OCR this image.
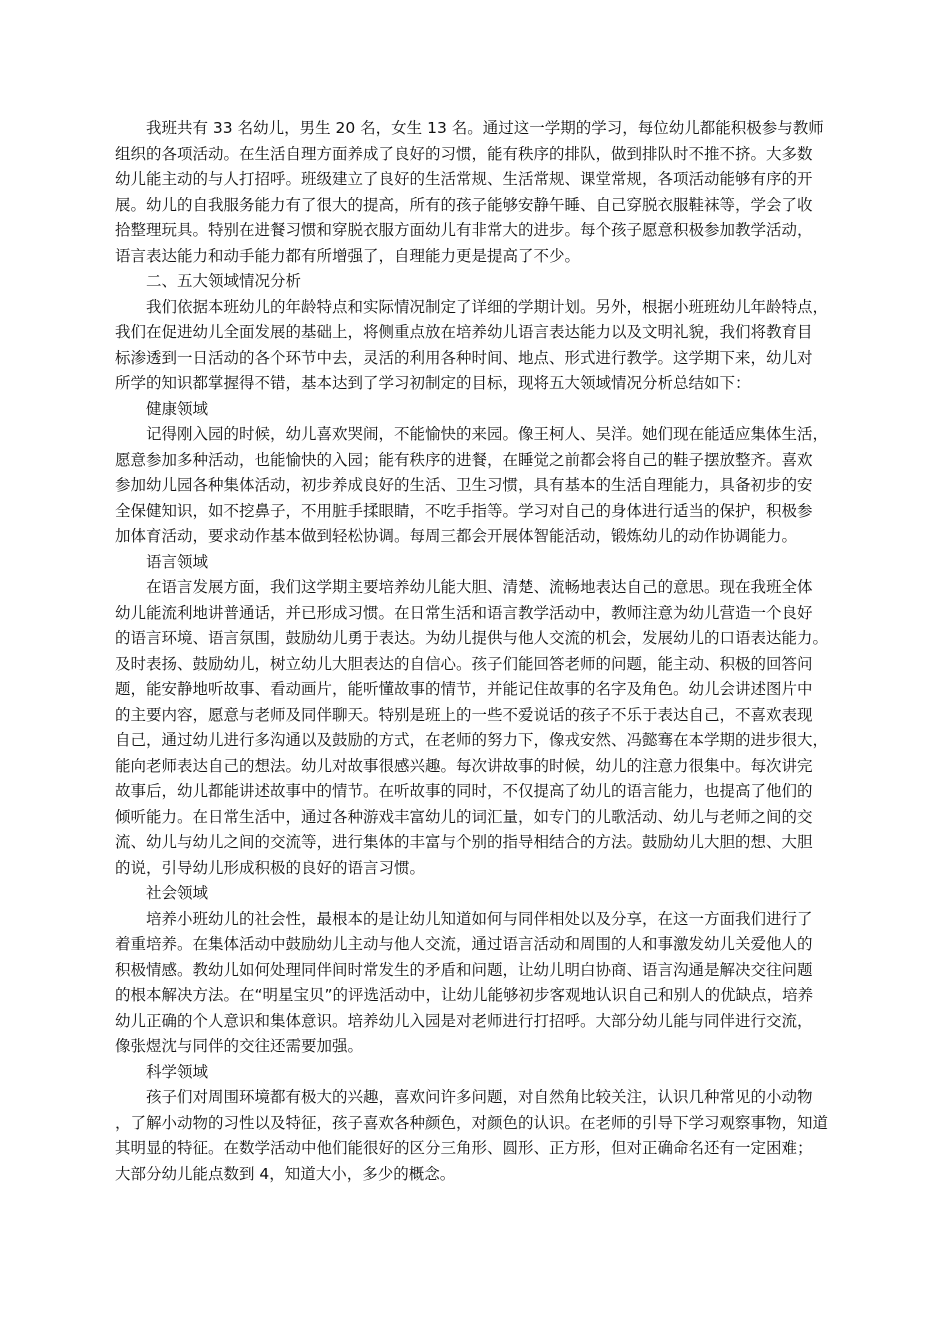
我班共有 33 名幼儿，男生 20 名，女生 13 名。通过这一学期的学习，每位幼儿都能积极参与教师
组织的各项活动。在生活自理方面养成了良好的习惯，能有秩序的排队，做到排队时不推不挤。大多数
幼儿能主动的与人打招呼。班级建立了良好的生活常规、生活常规、课堂常规，各项活动能够有序的开
展。幼儿的自我服务能力有了很大的提高，所有的孩子能够安静午睡、自己穿脱衣服鞋袜等，学会了收
拾整理玩具。特别在进餐习惯和穿脱衣服方面幼儿有非常大的进步。每个孩子愿意积极参加教学活动，
语言表达能力和动手能力都有所增强了，自理能力更是提高了不少。
二、五大领域情况分析
我们依据本班幼儿的年龄特点和实际情况制定了详细的学期计划。另外，根据小班班幼儿年龄特点，
我们在促进幼儿全面发展的基础上，将侧重点放在培养幼儿语言表达能力以及文明礼貌，我们将教育目
标渗透到一日活动的各个环节中去，灵活的利用各种时间、地点、形式进行教学。这学期下来，幼儿对
所学的知识都掌握得不错，基本达到了学习初制定的目标，现将五大领域情况分析总结如下：
健康领域
记得刚入园的时候，幼儿喜欢哭闹，不能愉快的来园。像王柯人、吴洋。她们现在能适应集体生活，
愿意参加多种活动，也能愉快的入园；能有秩序的进餐，在睡觉之前都会将自己的鞋子摆放整齐。喜欢
参加幼儿园各种集体活动，初步养成良好的生活、卫生习惯，具有基本的生活自理能力，具备初步的安
全保健知识，如不挖鼻子，不用脏手揉眼睛，不吃手指等。学习对自己的身体进行适当的保护，积极参
加体育活动，要求动作基本做到轻松协调。每周三都会开展体智能活动，锻炼幼儿的动作协调能力。
语言领域
在语言发展方面，我们这学期主要培养幼儿能大胆、清楚、流畅地表达自己的意思。现在我班全体
幼儿能流利地讲普通话，并已形成习惯。在日常生活和语言教学活动中，教师注意为幼儿营造一个良好
的语言环境、语言氛围，鼓励幼儿勇于表达。为幼儿提供与他人交流的机会，发展幼儿的口语表达能力。
及时表扬、鼓励幼儿，树立幼儿大胆表达的自信心。孩子们能回答老师的问题，能主动、积极的回答问
题，能安静地听故事、看动画片，能听懂故事的情节，并能记住故事的名字及角色。幼儿会讲述图片中
的主要内容，愿意与老师及同伴聊天。特别是班上的一些不爱说话的孩子不乐于表达自己，不喜欢表现
自己，通过幼儿进行多沟通以及鼓励的方式，在老师的努力下，像戎安然、冯懿骞在本学期的进步很大，
能向老师表达自己的想法。幼儿对故事很感兴趣。每次讲故事的时候，幼儿的注意力很集中。每次讲完
故事后，幼儿都能讲述故事中的情节。在听故事的同时，不仅提高了幼儿的语言能力，也提高了他们的
倾听能力。在日常生活中，通过各种游戏丰富幼儿的词汇量，如专门的儿歌活动、幼儿与老师之间的交
流、幼儿与幼儿之间的交流等，进行集体的丰富与个别的指导相结合的方法。鼓励幼儿大胆的想、大胆
的说，引导幼儿形成积极的良好的语言习惯。
社会领域
培养小班幼儿的社会性，最根本的是让幼儿知道如何与同伴相处以及分享，在这一方面我们进行了
着重培养。在集体活动中鼓励幼儿主动与他人交流，通过语言活动和周围的人和事激发幼儿关爱他人的
积极情感。教幼儿如何处理同伴间时常发生的矛盾和问题，让幼儿明白协商、语言沟通是解决交往问题
的根本解决方法。在“明星宝贝”的评选活动中，让幼儿能够初步客观地认识自己和别人的优缺点，培养
幼儿正确的个人意识和集体意识。培养幼儿入园是对老师进行打招呼。大部分幼儿能与同伴进行交流，
像张煜沈与同伴的交往还需要加强。
科学领域
孩子们对周围环境都有极大的兴趣，喜欢问许多问题，对自然角比较关注，认识几种常见的小动物
，了解小动物的习性以及特征，孩子喜欢各种颜色，对颜色的认识。在老师的引导下学习观察事物，知道
其明显的特征。在数学活动中他们能很好的区分三角形、圆形、正方形，但对正确命名还有一定困难；
大部分幼儿能点数到 4，知道大小，多少的概念。
